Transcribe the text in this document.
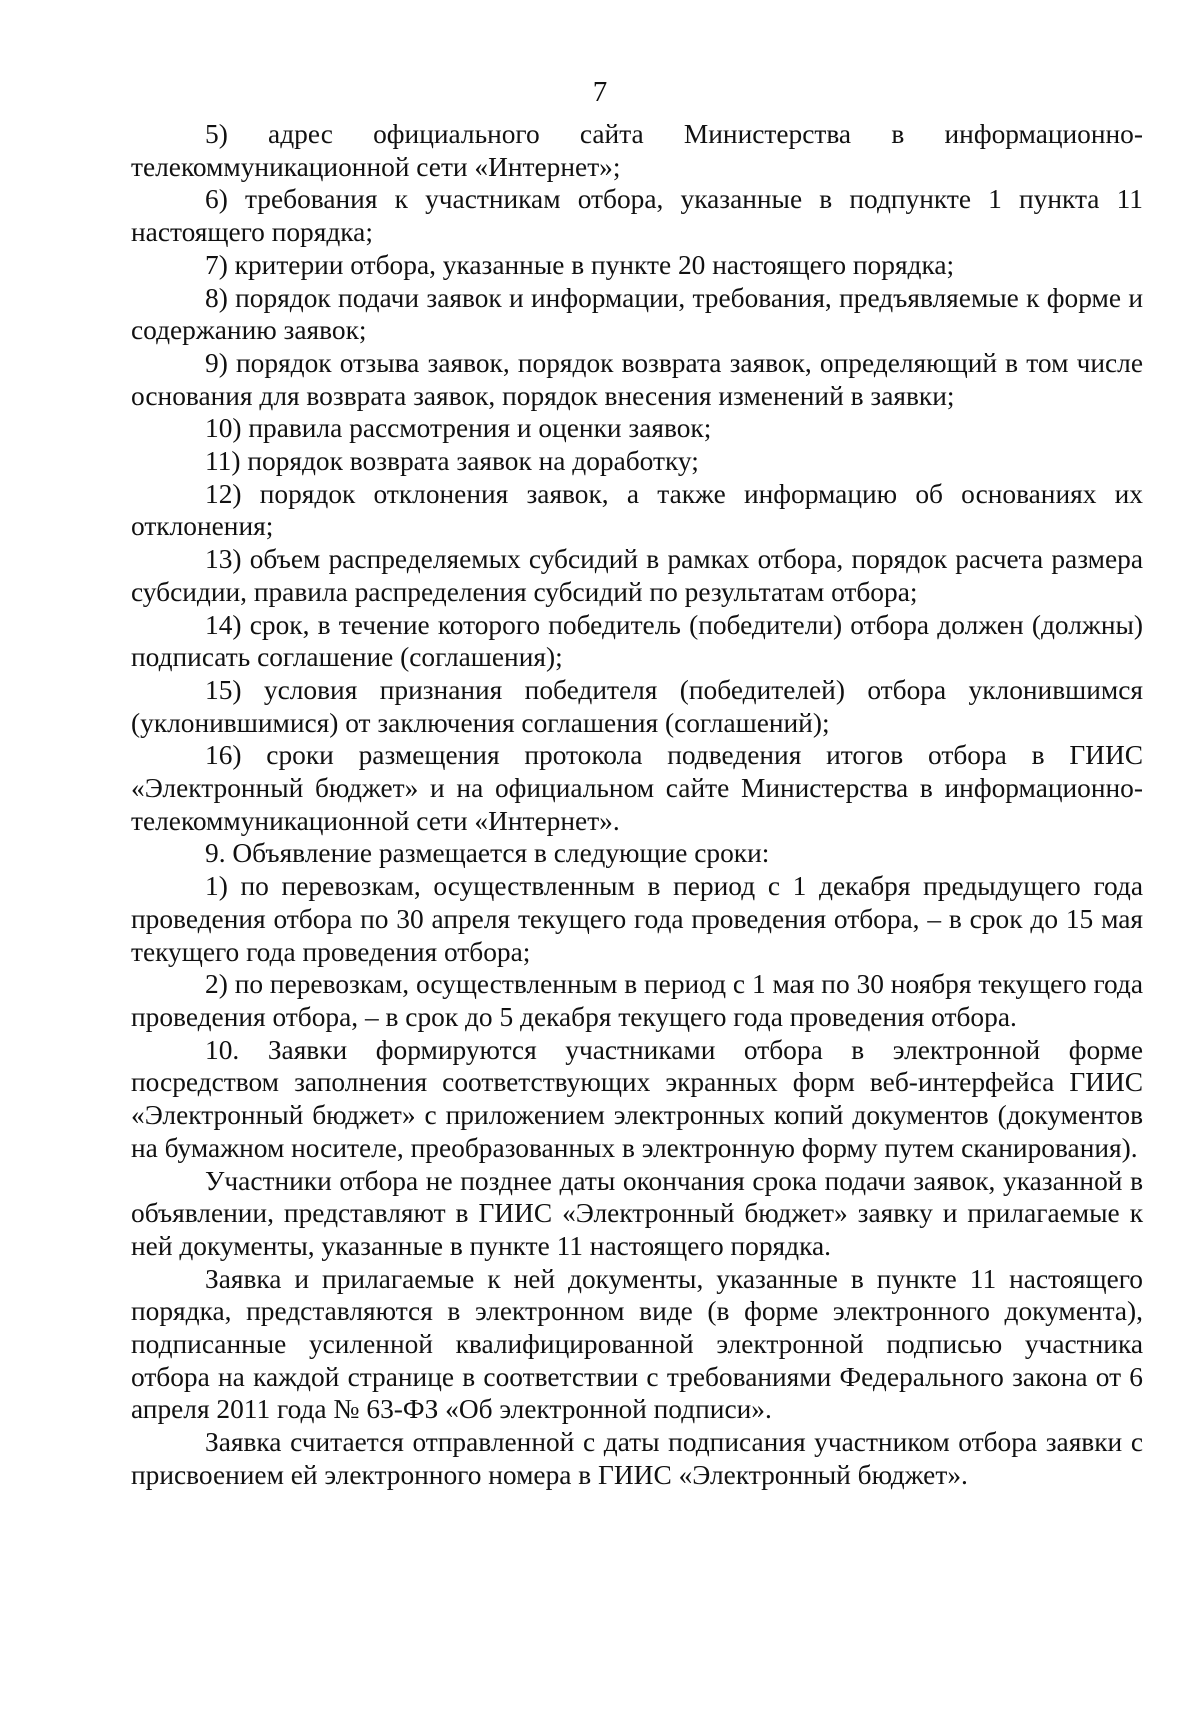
7

5) адрес официального сайта Министерства в информационно-телекоммуникационной сети «Интернет»;

6) требования к участникам отбора, указанные в подпункте 1 пункта 11 настоящего порядка;

7) критерии отбора, указанные в пункте 20 настоящего порядка;

8) порядок подачи заявок и информации, требования, предъявляемые к форме и содержанию заявок;

9) порядок отзыва заявок, порядок возврата заявок, определяющий в том числе основания для возврата заявок, порядок внесения изменений в заявки;

10) правила рассмотрения и оценки заявок;

11) порядок возврата заявок на доработку;

12) порядок отклонения заявок, а также информацию об основаниях их отклонения;

13) объем распределяемых субсидий в рамках отбора, порядок расчета размера субсидии, правила распределения субсидий по результатам отбора;

14) срок, в течение которого победитель (победители) отбора должен (должны) подписать соглашение (соглашения);

15) условия признания победителя (победителей) отбора уклонившимся (уклонившимися) от заключения соглашения (соглашений);

16) сроки размещения протокола подведения итогов отбора в ГИИС «Электронный бюджет» и на официальном сайте Министерства в информационно-телекоммуникационной сети «Интернет».

9. Объявление размещается в следующие сроки:

1) по перевозкам, осуществленным в период с 1 декабря предыдущего года проведения отбора по 30 апреля текущего года проведения отбора, – в срок до 15 мая текущего года проведения отбора;

2) по перевозкам, осуществленным в период с 1 мая по 30 ноября текущего года проведения отбора, – в срок до 5 декабря текущего года проведения отбора.

10. Заявки формируются участниками отбора в электронной форме посредством заполнения соответствующих экранных форм веб-интерфейса ГИИС «Электронный бюджет» с приложением электронных копий документов (документов на бумажном носителе, преобразованных в электронную форму путем сканирования).

Участники отбора не позднее даты окончания срока подачи заявок, указанной в объявлении, представляют в ГИИС «Электронный бюджет» заявку и прилагаемые к ней документы, указанные в пункте 11 настоящего порядка.

Заявка и прилагаемые к ней документы, указанные в пункте 11 настоящего порядка, представляются в электронном виде (в форме электронного документа), подписанные усиленной квалифицированной электронной подписью участника отбора на каждой странице в соответствии с требованиями Федерального закона от 6 апреля 2011 года № 63-ФЗ «Об электронной подписи».

Заявка считается отправленной с даты подписания участником отбора заявки с присвоением ей электронного номера в ГИИС «Электронный бюджет».
